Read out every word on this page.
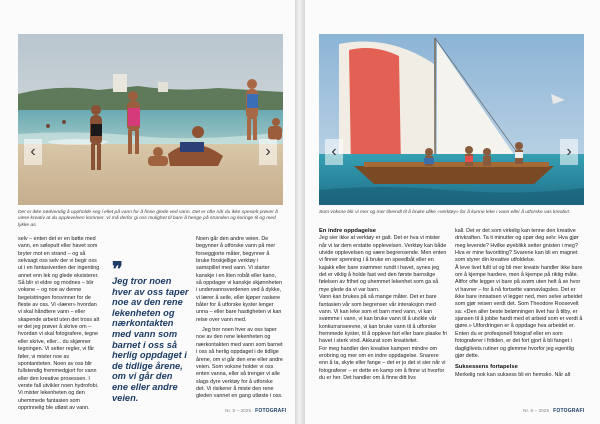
‹	›
Det er ikke nødvendig å oppholde seg i ellet på vann for å finne glede ved vann. Det er ofte når du ikke spesielt prøver å være kreativ at du opplevelsen kommer. Vi må derfor gi oss mulighet til bare å henge på stranden og koringe til og med lykke as.

selv – enten det er en bøtte med vann, en søleputt eller havet som bryter mot en strand – og så selvsagt oss selv der vi begir oss ut i en fantasiverden der ingenting annet enn lek og glede eksisterer.
Så blir vi eldre og modnes – blir voksne – og noe av denne begeistringen forsvinner for de fleste av oss. Vi «lærer» hvordan vi skal håndtere vann – eller skapende arbeid uten det tross alt er det jeg prøver å skrive om – hvordan vi skal fotografere, tegne eller skrive, eller... du skjønner tegningen. Vi setter regler, vi får føler, vi mister noe av spontaniteten. Noen av oss blir fullstendig fremmedgjort for vann eller den kreative prosessen. I verste fall utvikler noen hydrofobi. Vi mister lekenheten og den uhemmede fantasien som opprinnelig ble utløst av vann.

❞
Jeg tror noen hver av oss taper noe av den rene lekenheten og nærkontakten med vann som barnet i oss så herlig oppdaget i de tidlige årene, om vi går den ene eller andre veien.

Noen går den andre veien. De begynner å utforske vann på mer forseggjorte måter, begynner å bruke forskjellige verktøy i samspillet med vann. Vi starter kanskje i en liten robåt eller kano, så oppdager vi kanskje skjønnheten i undervannsverdenen ved å dykke, vi lærer å seile, eller kjøper raskere båter for å utforske kyster lenger unna – eller bare hastigheten vi kan reise over vann med.

Jeg tror noen hver av oss taper noe av den rene lekenheten og nærkontakten med vann som barnet i oss så herlig oppdaget i de tidlige årene, om vi går den ene eller andre veien. Som voksne holder vi oss enten vanna, eller så trenger vi alle slags dyre verktøy for å utforske det. Vi risikerer å miste den rene gleden vannet en gang utløste i oss.

Nr. 5 – 2025 FOTOGRAFI
‹	›
Som voksne blir vi mer og mer tilvendt til å bruke ulike «verktøy» for å kunne leke i vann eller å utforske vas kreativt.
En indre oppdagelse

Jeg sier ikke at verktøy er galt. Det er hva vi mister når vi lar dem erstatte opplevelsen. Verktøy kan både utvide opplevelsen og være begrensende. Men enten vi finner spenning i å bruke en speedbåt eller en kajakk eller bare svømmer rundt i havet, synes jeg det er viktig å holde fast ved den første barnslige følelsen av frihet og uhemmet lekenhet som ga så mye glede da vi var barn.
Vann kan brukes på så mange måter. Det er bare fantasien vår som begrenser vår interaksjon med vann. Vi kan leke som et barn med vann, vi kan svømme i vann, vi kan bruke vann til å utvikle vår konkurranseevne, vi kan bruke vann til å utforske fremmede kyster, til å oppleve fart eller bare plaske fri havet i sterk vind. Akkurat som kreativitet.
For meg handler den kreative kampen mindre om erobring og mer om en indre oppdagelse. Snarere enn å ta, skyte eller fange – det er jo det vi sier når vi fotograferer – er dette en kamp om å finne ut hvorfor du er her. Det handler om å finne ditt livs

kall. Det er det som virkelig kan tenne den kreative drivkraften. Ta ti minutter og spør deg selv: Hva gjør meg levende? Hvilke øyeblikk setter gnisten i meg? Hva er mine favoritting? Svarene kan bli en magnet som styrer din kreative utfoldelse.
Å leve livet fullt ut og bli mer kreativ handler ikke bare om å kjempe hardere, men å kjempe på riktig måte. Altfor ofte legger vi bare på svøm uten helt å se hvor vi havner – for å nå fortsette vannavlagsles. Det er ikke bare innsatsen vi legger ned, men selve arbeidet som gjør reisen verdt det. Som Theodore Roosevelt sa: «Den aller beste belønningen livet har å tilby, er sjansen til å jobbe hardt med et arbeid som er verdt å gjøre.» Utfordringen er å oppdage hva arbeidet er. Enten du er profesjonell fotograf eller en som fotograferer i fritiden, er det fort gjort å bli fanget i dagliglivets rutiner og glemme hvorfor jeg egentlig gjør dette.

Suksessens fortapelse

Merkelig nok kan suksess bli en hemsko. Når alt

Nr. 5 – 2025 FOTOGRAFI
